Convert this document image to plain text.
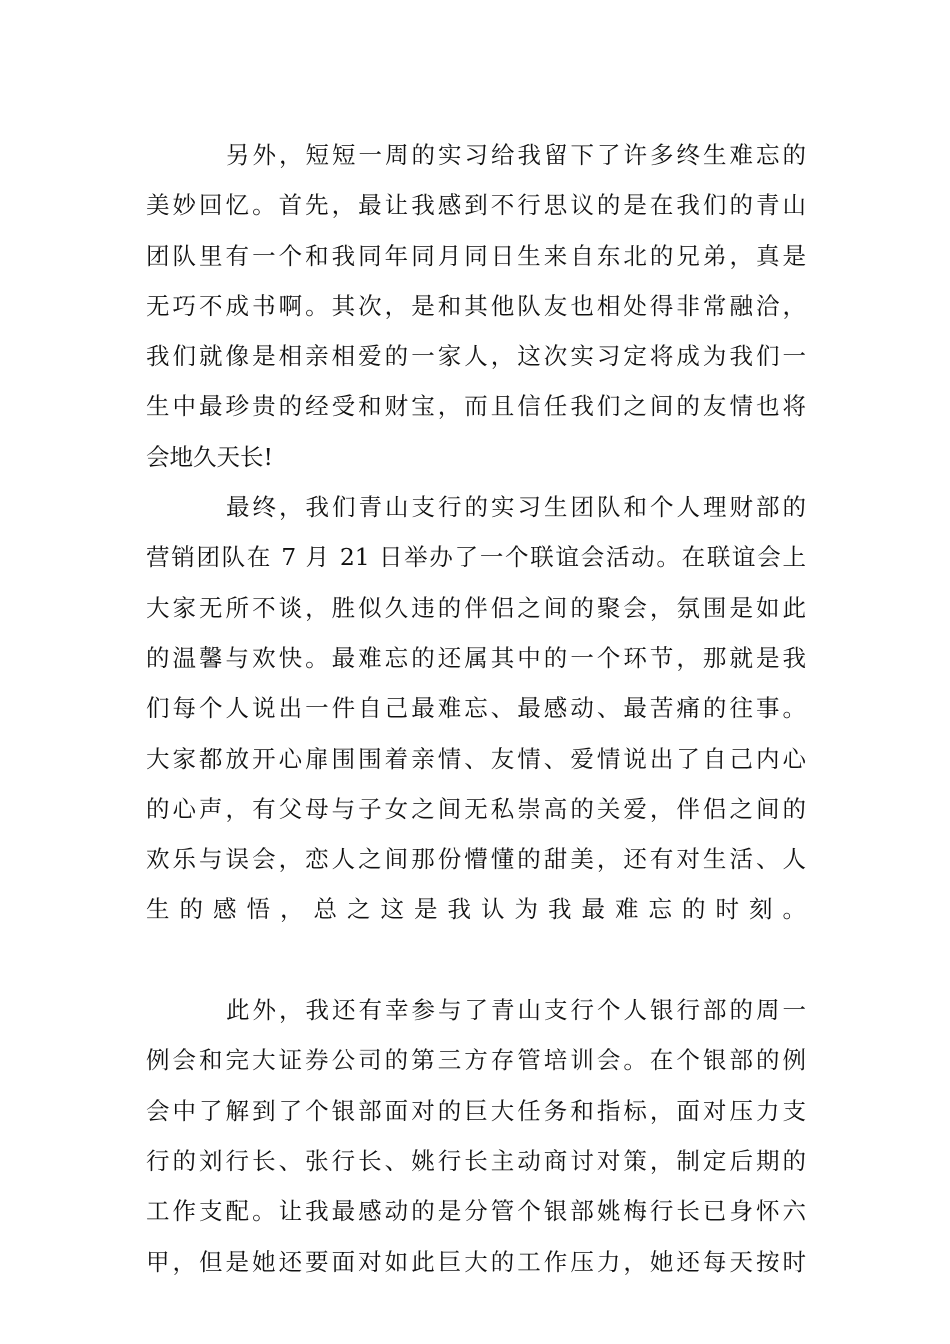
另外，短短一周的实习给我留下了许多终生难忘的
美妙回忆。首先，最让我感到不行思议的是在我们的青山
团队里有一个和我同年同月同日生来自东北的兄弟，真是
无巧不成书啊。其次，是和其他队友也相处得非常融洽，
我们就像是相亲相爱的一家人，这次实习定将成为我们一
生中最珍贵的经受和财宝，而且信任我们之间的友情也将
会地久天长!
最终，我们青山支行的实习生团队和个人理财部的
营销团队在 7 月 21 日举办了一个联谊会活动。在联谊会上
大家无所不谈，胜似久违的伴侣之间的聚会，氛围是如此
的温馨与欢快。最难忘的还属其中的一个环节，那就是我
们每个人说出一件自己最难忘、最感动、最苦痛的往事。
大家都放开心扉围围着亲情、友情、爱情说出了自己内心
的心声，有父母与子女之间无私崇高的关爱，伴侣之间的
欢乐与误会，恋人之间那份懵懂的甜美，还有对生活、人
生的感悟，总之这是我认为我最难忘的时刻。
此外，我还有幸参与了青山支行个人银行部的周一
例会和完大证券公司的第三方存管培训会。在个银部的例
会中了解到了个银部面对的巨大任务和指标，面对压力支
行的刘行长、张行长、姚行长主动商讨对策，制定后期的
工作支配。让我最感动的是分管个银部姚梅行长已身怀六
甲，但是她还要面对如此巨大的工作压力，她还每天按时
